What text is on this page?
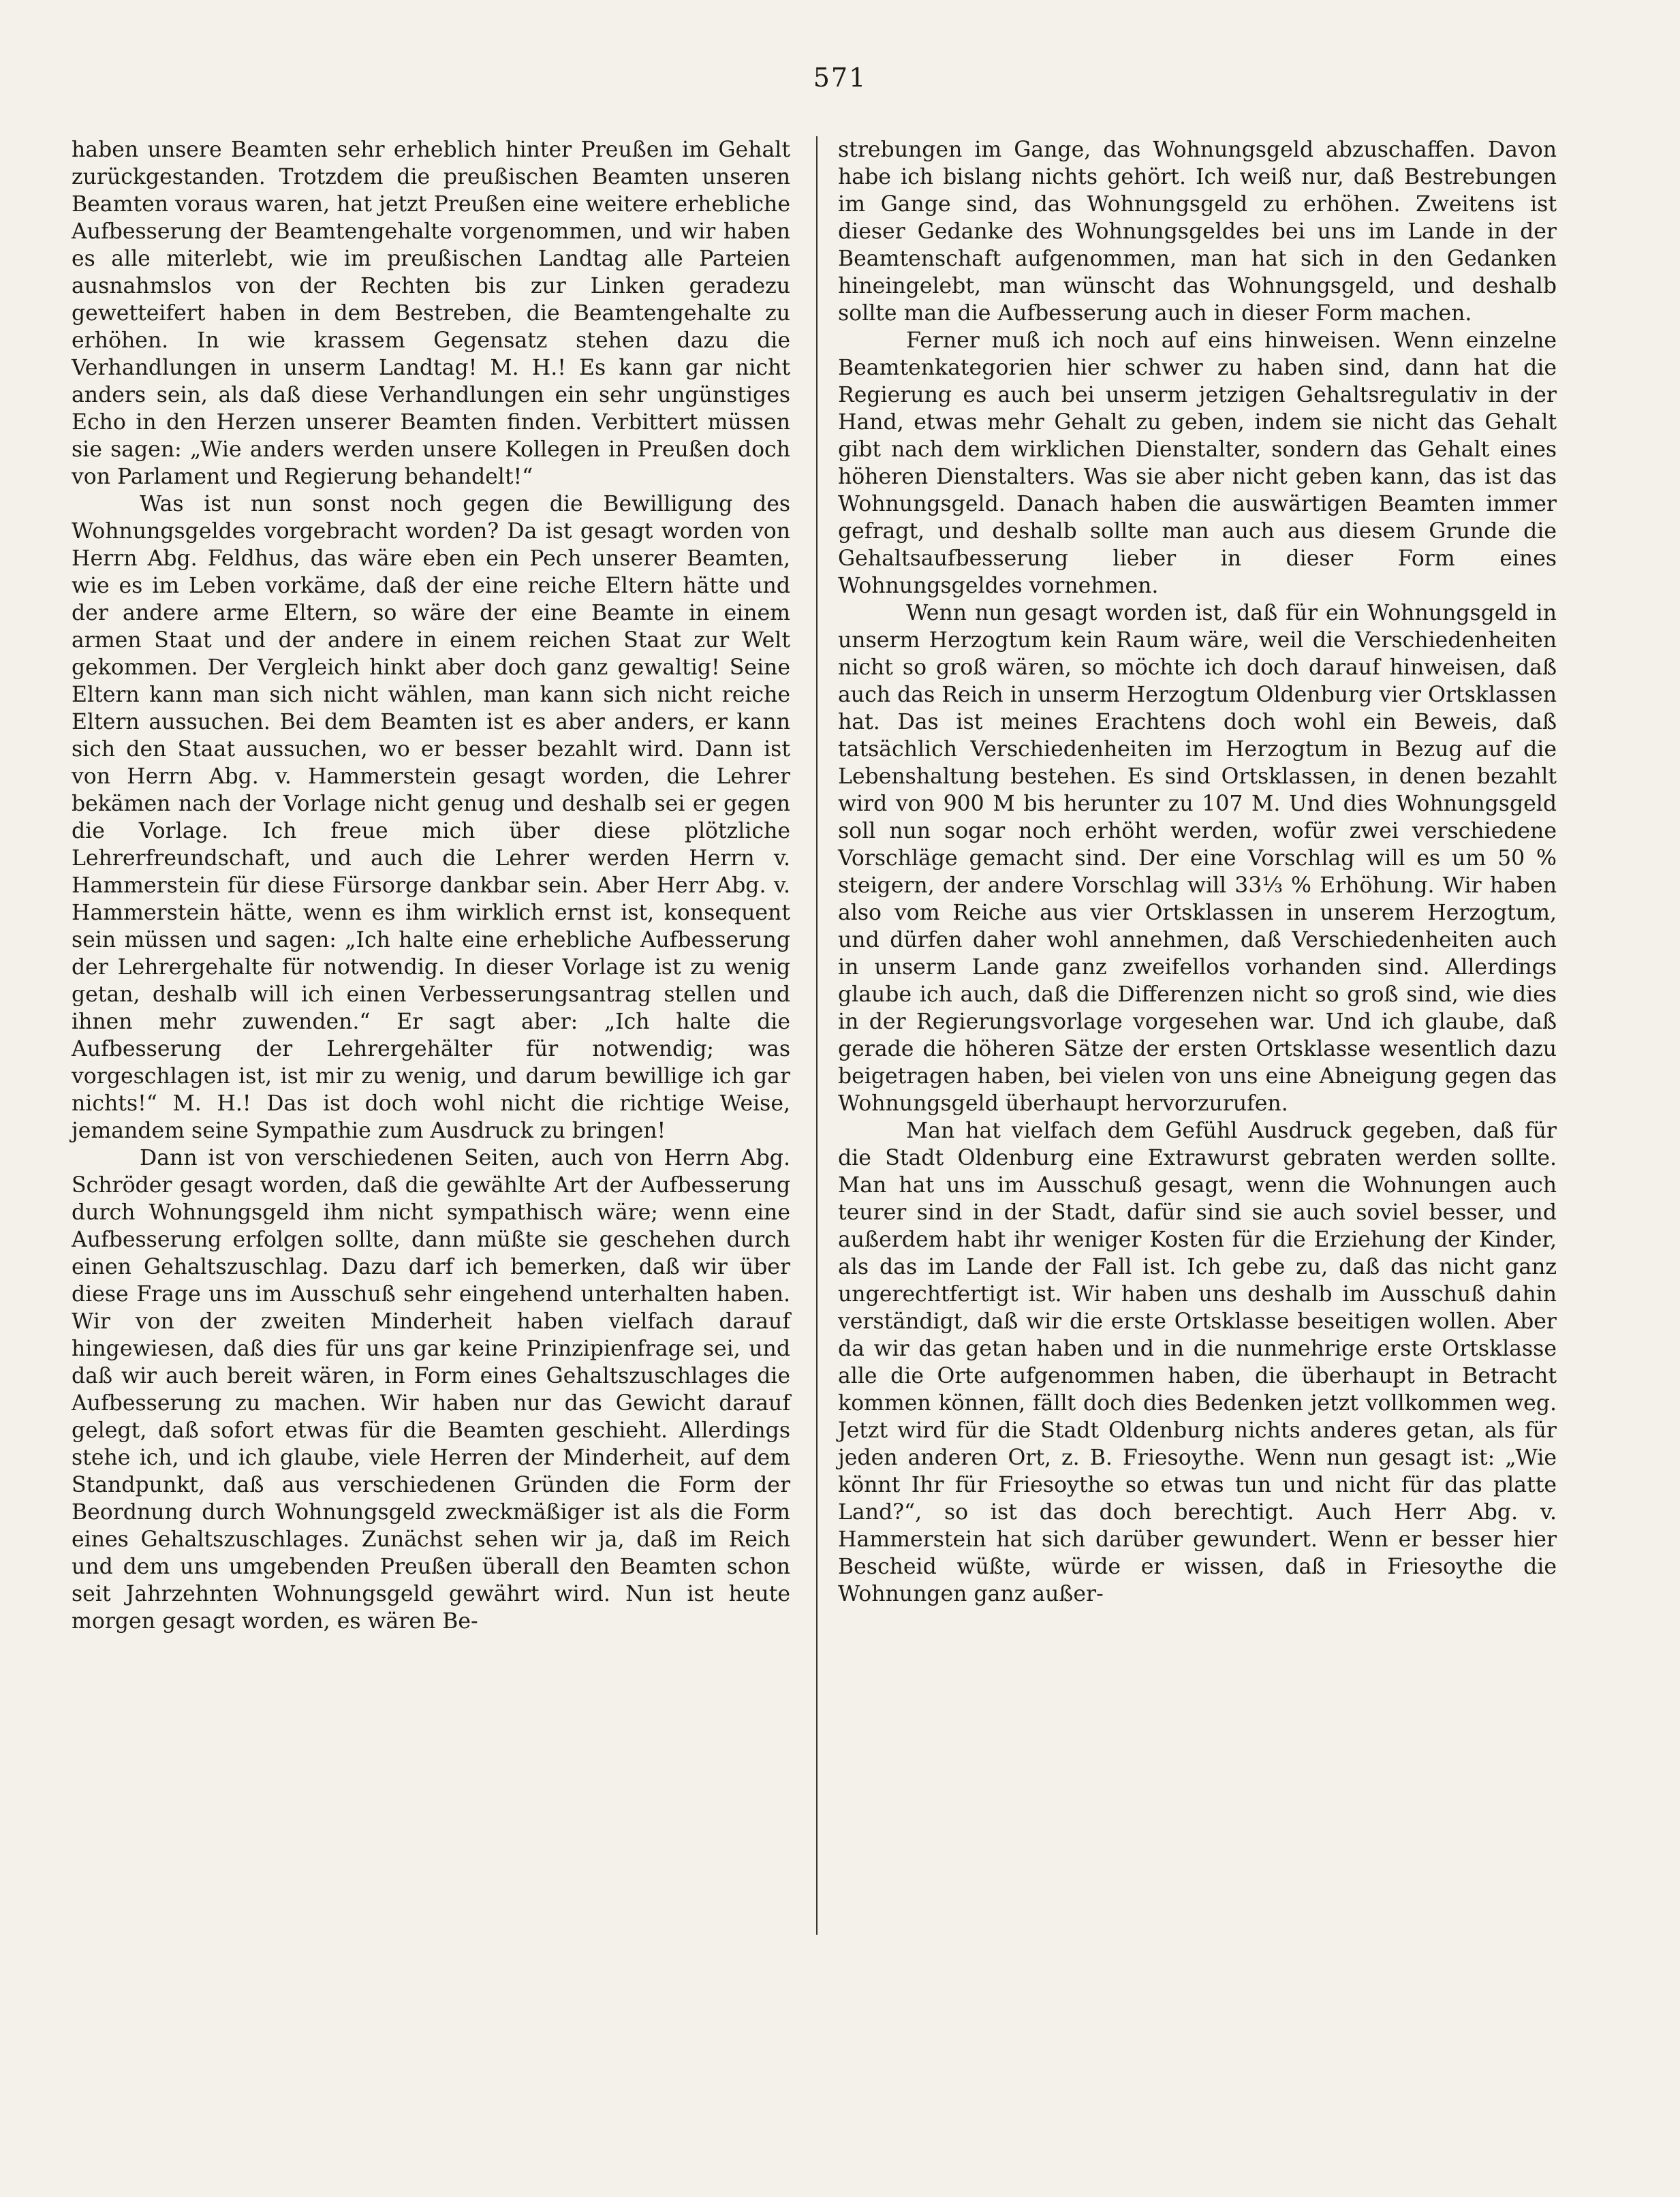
571

haben unsere Beamten sehr erheblich hinter Preußen im Gehalt zurückgestanden. Trotzdem die preußischen Beamten unseren Beamten voraus waren, hat jetzt Preußen eine weitere erhebliche Aufbesserung der Beamtengehalte vorgenommen, und wir haben es alle miterlebt, wie im preußischen Landtag alle Parteien ausnahmslos von der Rechten bis zur Linken geradezu gewetteifert haben in dem Bestreben, die Beamtengehalte zu erhöhen. In wie krassem Gegensatz stehen dazu die Verhandlungen in unserm Landtag! M. H.! Es kann gar nicht anders sein, als daß diese Verhandlungen ein sehr ungünstiges Echo in den Herzen unserer Beamten finden. Verbittert müssen sie sagen: „Wie anders werden unsere Kollegen in Preußen doch von Parlament und Regierung behandelt!“

Was ist nun sonst noch gegen die Bewilligung des Wohnungsgeldes vorgebracht worden? Da ist gesagt worden von Herrn Abg. Feldhus, das wäre eben ein Pech unserer Beamten, wie es im Leben vorkäme, daß der eine reiche Eltern hätte und der andere arme Eltern, so wäre der eine Beamte in einem armen Staat und der andere in einem reichen Staat zur Welt gekommen. Der Vergleich hinkt aber doch ganz gewaltig! Seine Eltern kann man sich nicht wählen, man kann sich nicht reiche Eltern aussuchen. Bei dem Beamten ist es aber anders, er kann sich den Staat aussuchen, wo er besser bezahlt wird. Dann ist von Herrn Abg. v. Hammerstein gesagt worden, die Lehrer bekämen nach der Vorlage nicht genug und deshalb sei er gegen die Vorlage. Ich freue mich über diese plötzliche Lehrerfreundschaft, und auch die Lehrer werden Herrn v. Hammerstein für diese Fürsorge dankbar sein. Aber Herr Abg. v. Hammerstein hätte, wenn es ihm wirklich ernst ist, konsequent sein müssen und sagen: „Ich halte eine erhebliche Aufbesserung der Lehrergehalte für notwendig. In dieser Vorlage ist zu wenig getan, deshalb will ich einen Verbesserungsantrag stellen und ihnen mehr zuwenden.“ Er sagt aber: „Ich halte die Aufbesserung der Lehrergehälter für notwendig; was vorgeschlagen ist, ist mir zu wenig, und darum bewillige ich gar nichts!“ M. H.! Das ist doch wohl nicht die richtige Weise, jemandem seine Sympathie zum Ausdruck zu bringen!

Dann ist von verschiedenen Seiten, auch von Herrn Abg. Schröder gesagt worden, daß die gewählte Art der Aufbesserung durch Wohnungsgeld ihm nicht sympathisch wäre; wenn eine Aufbesserung erfolgen sollte, dann müßte sie geschehen durch einen Gehaltszuschlag. Dazu darf ich bemerken, daß wir über diese Frage uns im Ausschuß sehr eingehend unterhalten haben. Wir von der zweiten Minderheit haben vielfach darauf hingewiesen, daß dies für uns gar keine Prinzipienfrage sei, und daß wir auch bereit wären, in Form eines Gehaltszuschlages die Aufbesserung zu machen. Wir haben nur das Gewicht darauf gelegt, daß sofort etwas für die Beamten geschieht. Allerdings stehe ich, und ich glaube, viele Herren der Minderheit, auf dem Standpunkt, daß aus verschiedenen Gründen die Form der Beordnung durch Wohnungsgeld zweckmäßiger ist als die Form eines Gehaltszuschlages. Zunächst sehen wir ja, daß im Reich und dem uns umgebenden Preußen überall den Beamten schon seit Jahrzehnten Wohnungsgeld gewährt wird. Nun ist heute morgen gesagt worden, es wären Be-

strebungen im Gange, das Wohnungsgeld abzuschaffen. Davon habe ich bislang nichts gehört. Ich weiß nur, daß Bestrebungen im Gange sind, das Wohnungsgeld zu erhöhen. Zweitens ist dieser Gedanke des Wohnungsgeldes bei uns im Lande in der Beamtenschaft aufgenommen, man hat sich in den Gedanken hineingelebt, man wünscht das Wohnungsgeld, und deshalb sollte man die Aufbesserung auch in dieser Form machen.

Ferner muß ich noch auf eins hinweisen. Wenn einzelne Beamtenkategorien hier schwer zu haben sind, dann hat die Regierung es auch bei unserm jetzigen Gehaltsregulativ in der Hand, etwas mehr Gehalt zu geben, indem sie nicht das Gehalt gibt nach dem wirklichen Dienstalter, sondern das Gehalt eines höheren Dienstalters. Was sie aber nicht geben kann, das ist das Wohnungsgeld. Danach haben die auswärtigen Beamten immer gefragt, und deshalb sollte man auch aus diesem Grunde die Gehaltsaufbesserung lieber in dieser Form eines Wohnungsgeldes vornehmen.

Wenn nun gesagt worden ist, daß für ein Wohnungsgeld in unserm Herzogtum kein Raum wäre, weil die Verschiedenheiten nicht so groß wären, so möchte ich doch darauf hinweisen, daß auch das Reich in unserm Herzogtum Oldenburg vier Ortsklassen hat. Das ist meines Erachtens doch wohl ein Beweis, daß tatsächlich Verschiedenheiten im Herzogtum in Bezug auf die Lebenshaltung bestehen. Es sind Ortsklassen, in denen bezahlt wird von 900 M bis herunter zu 107 M. Und dies Wohnungsgeld soll nun sogar noch erhöht werden, wofür zwei verschiedene Vorschläge gemacht sind. Der eine Vorschlag will es um 50 % steigern, der andere Vorschlag will 33⅓ % Erhöhung. Wir haben also vom Reiche aus vier Ortsklassen in unserem Herzogtum, und dürfen daher wohl annehmen, daß Verschiedenheiten auch in unserm Lande ganz zweifellos vorhanden sind. Allerdings glaube ich auch, daß die Differenzen nicht so groß sind, wie dies in der Regierungsvorlage vorgesehen war. Und ich glaube, daß gerade die höheren Sätze der ersten Ortsklasse wesentlich dazu beigetragen haben, bei vielen von uns eine Abneigung gegen das Wohnungsgeld überhaupt hervorzurufen.

Man hat vielfach dem Gefühl Ausdruck gegeben, daß für die Stadt Oldenburg eine Extrawurst gebraten werden sollte. Man hat uns im Ausschuß gesagt, wenn die Wohnungen auch teurer sind in der Stadt, dafür sind sie auch soviel besser, und außerdem habt ihr weniger Kosten für die Erziehung der Kinder, als das im Lande der Fall ist. Ich gebe zu, daß das nicht ganz ungerechtfertigt ist. Wir haben uns deshalb im Ausschuß dahin verständigt, daß wir die erste Ortsklasse beseitigen wollen. Aber da wir das getan haben und in die nunmehrige erste Ortsklasse alle die Orte aufgenommen haben, die überhaupt in Betracht kommen können, fällt doch dies Bedenken jetzt vollkommen weg. Jetzt wird für die Stadt Oldenburg nichts anderes getan, als für jeden anderen Ort, z. B. Friesoythe. Wenn nun gesagt ist: „Wie könnt Ihr für Friesoythe so etwas tun und nicht für das platte Land?“, so ist das doch berechtigt. Auch Herr Abg. v. Hammerstein hat sich darüber gewundert. Wenn er besser hier Bescheid wüßte, würde er wissen, daß in Friesoythe die Wohnungen ganz außer-
